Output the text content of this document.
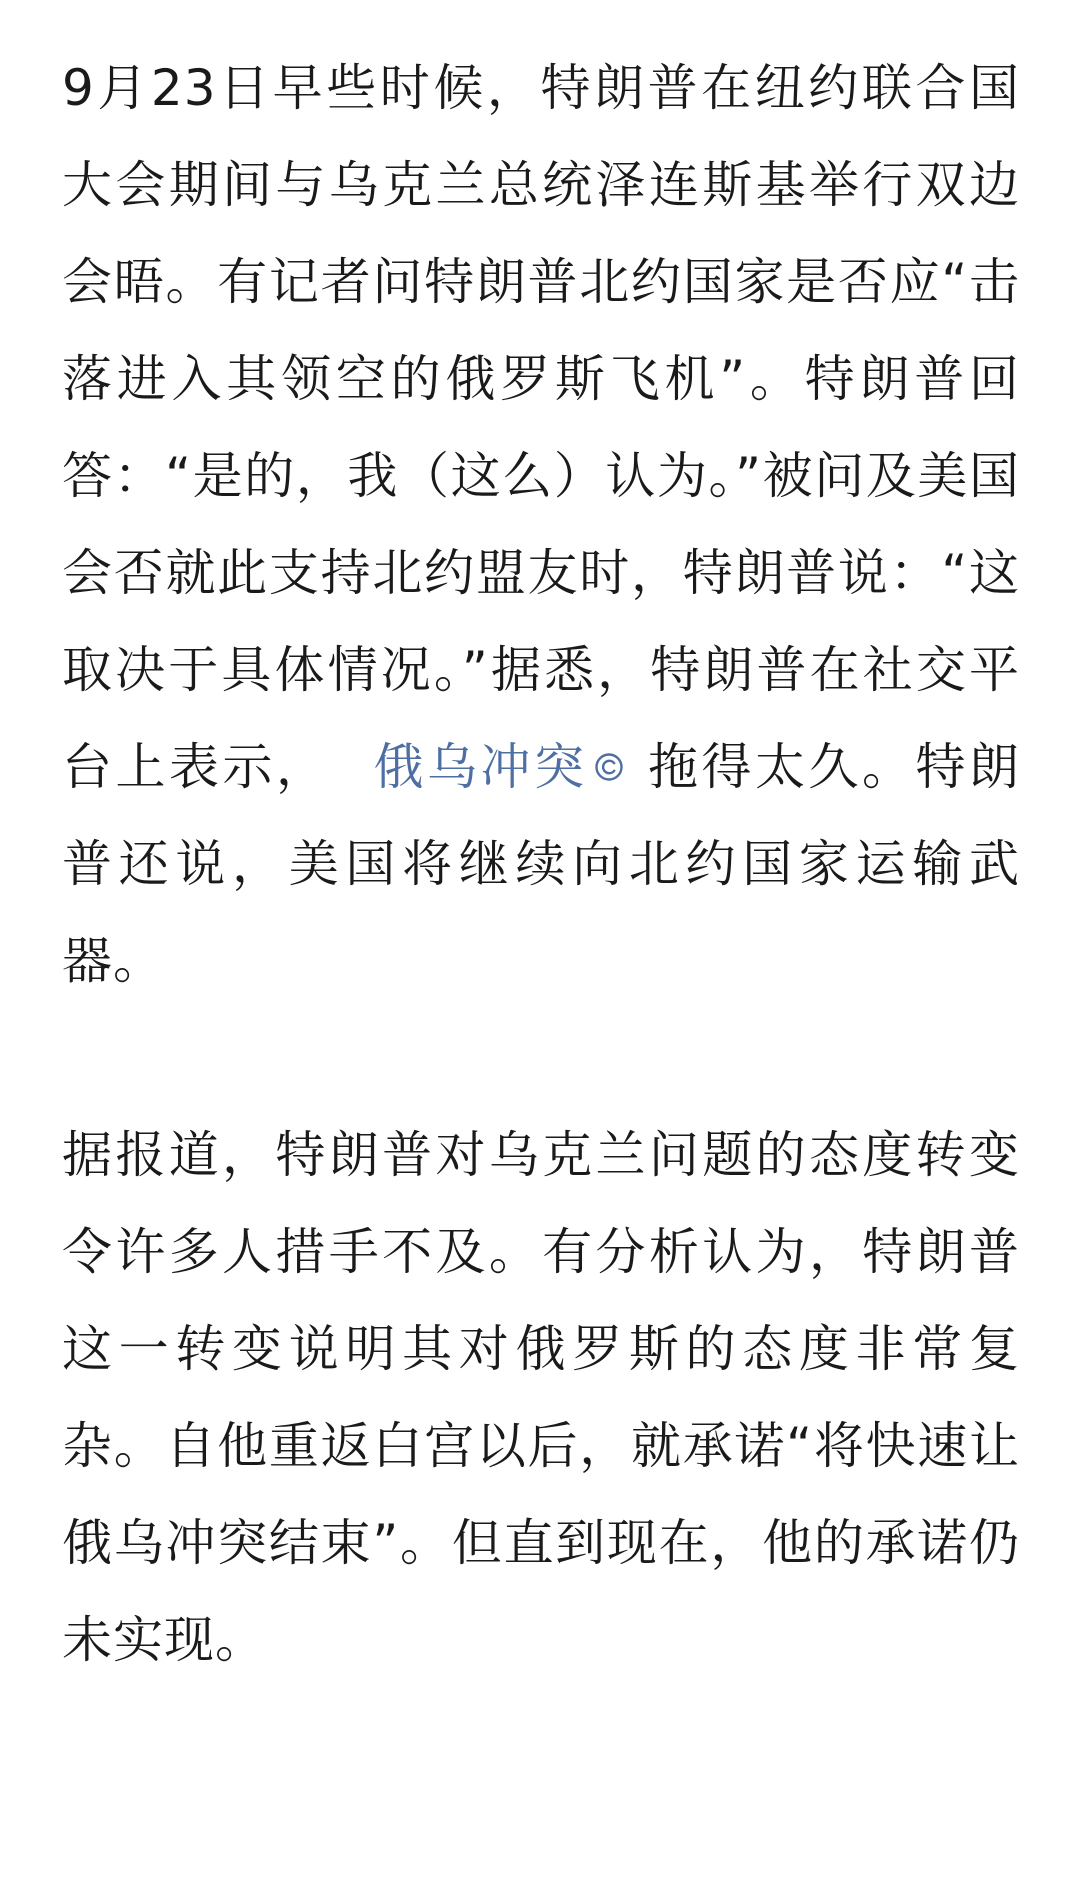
9月23日早些时候，特朗普在纽约联合国大会期间与乌克兰总统泽连斯基举行双边会晤。有记者问特朗普北约国家是否应“击落进入其领空的俄罗斯飞机”。特朗普回答：“是的，我（这么）认为。”被问及美国会否就此支持北约盟友时，特朗普说：“这取决于具体情况。”据悉，特朗普在社交平台上表示， 俄乌冲突 拖得太久。特朗普还说，美国将继续向北约国家运输武器。

据报道，特朗普对乌克兰问题的态度转变令许多人措手不及。有分析认为，特朗普这一转变说明其对俄罗斯的态度非常复杂。自他重返白宫以后，就承诺“将快速让俄乌冲突结束”。但直到现在，他的承诺仍未实现。
